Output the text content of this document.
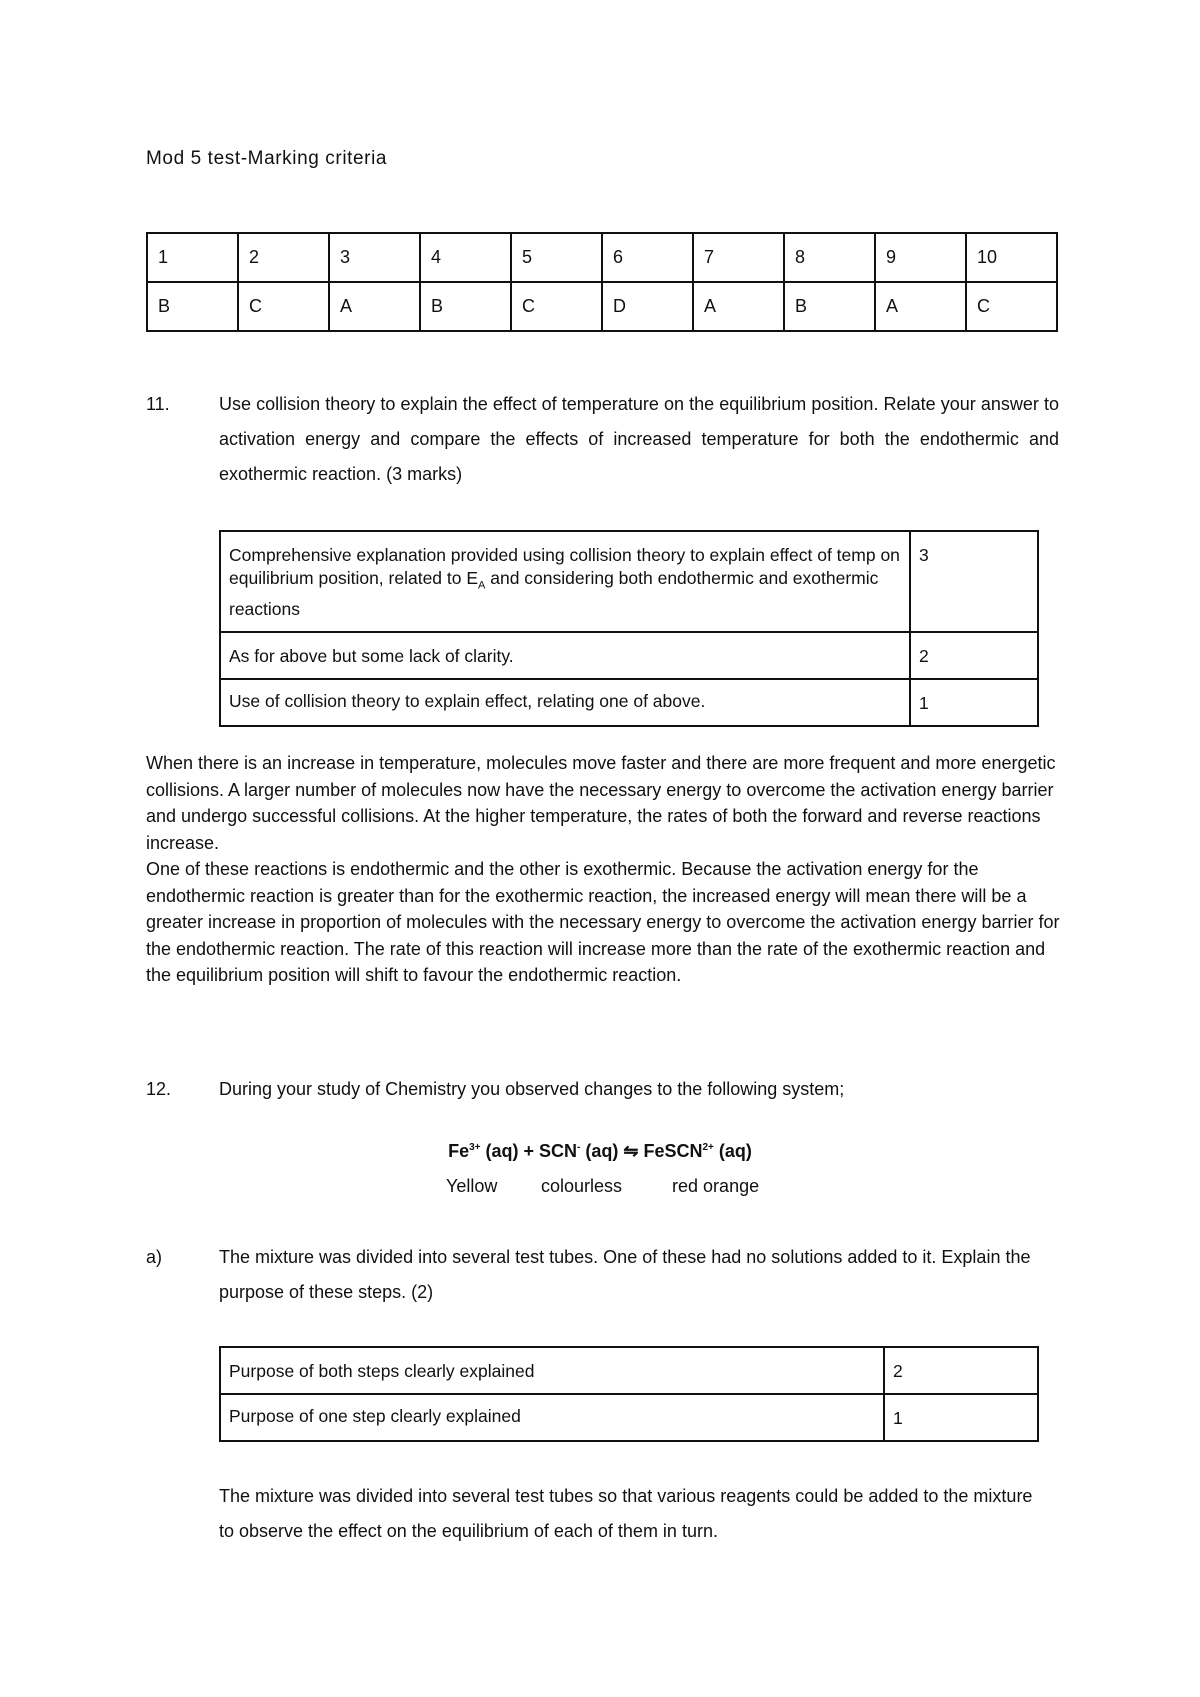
Mod 5 test-Marking criteria
1	2	3	4	5	6	7	8	9	10
B	C	A	B	C	D	A	B	A	C
11.	Use collision theory to explain the effect of temperature on the equilibrium position. Relate your answer to activation energy and compare the effects of increased temperature for both the endothermic and exothermic reaction. (3 marks)
Comprehensive explanation provided using collision theory to explain effect of temp on equilibrium position, related to $E_A$ and considering both endothermic and exothermic reactions	3
As for above but some lack of clarity.	2
Use of collision theory to explain effect, relating one of above.	1
When there is an increase in temperature, molecules move faster and there are more frequent and more energetic collisions. A larger number of molecules now have the necessary energy to overcome the activation energy barrier and undergo successful collisions. At the higher temperature, the rates of both the forward and reverse reactions increase.
One of these reactions is endothermic and the other is exothermic. Because the activation energy for the endothermic reaction is greater than for the exothermic reaction, the increased energy will mean there will be a greater increase in proportion of molecules with the necessary energy to overcome the activation energy barrier for the endothermic reaction. The rate of this reaction will increase more than the rate of the exothermic reaction and the equilibrium position will shift to favour the endothermic reaction.
12.	During your study of Chemistry you observed changes to the following system;
$Fe^{3+}$ (aq) + SCN- (aq) ⇋ FeSCN$^{2+}$ (aq)
Yellow colourless	red orange
a)	The mixture was divided into several test tubes. One of these had no solutions added to it. Explain the purpose of these steps. (2)
Purpose of both steps clearly explained	2
Purpose of one step clearly explained	1
The mixture was divided into several test tubes so that various reagents could be added to the mixture to observe the effect on the equilibrium of each of them in turn.
